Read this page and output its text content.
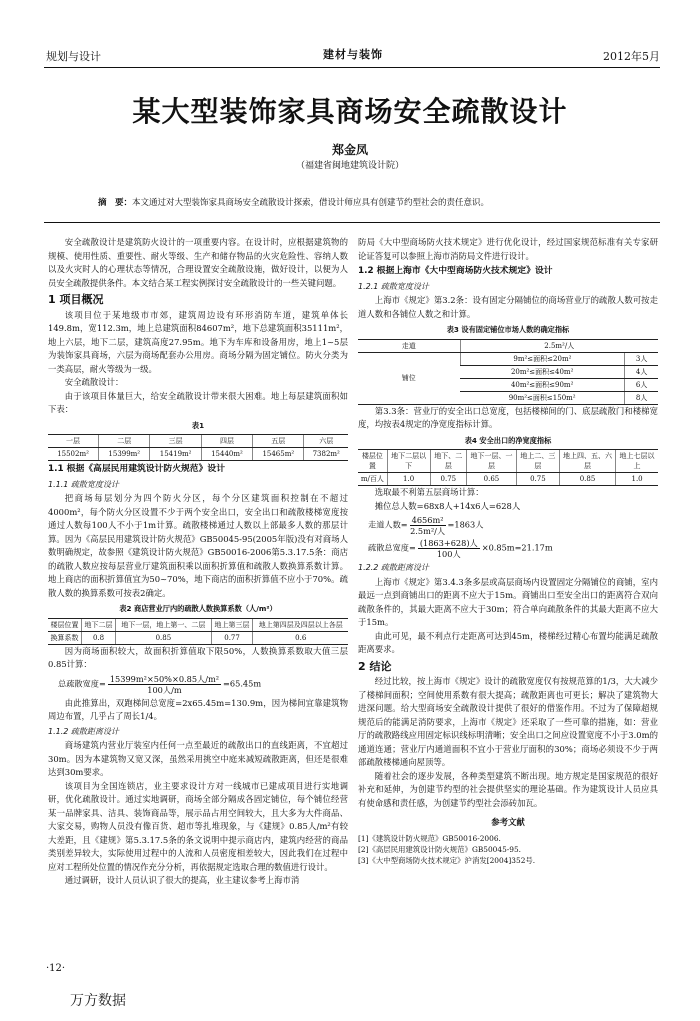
规划与设计	建材与装饰	2012年5月
某大型装饰家具商场安全疏散设计
郑金凤
（福建省闽地建筑设计院）
摘　要：本文通过对大型装饰家具商场安全疏散设计探索，借设计师应具有创建节约型社会的责任意识。

安全疏散设计是建筑防火设计的一项重要内容。在设计时，应根据建筑物的规模、使用性质、重要性、耐火等级、生产和储存物品的火灾危险性、容纳人数以及火灾时人的心理状态等情况，合理设置安全疏散设施，做好设计，以便为人员安全疏散提供条件。本文结合某工程实例探讨安全疏散设计的一些关键问题。

1 项目概况

该项目位于某地级市市郊，建筑周边设有环形消防车道，建筑单体长149.8m，宽112.3m，地上总建筑面积84607m²，地下总建筑面积35111m²，地上六层，地下二层，建筑高度27.95m。地下为车库和设备用房，地上1~5层为装饰家具商场，六层为商场配套办公用房。商场分隔为固定铺位。防火分类为一类高层，耐火等级为一级。

安全疏散设计：

由于该项目体量巨大，给安全疏散设计带来很大困难。地上每层建筑面积如下表：

表1
一层	二层	三层	四层	五层	六层
15502m²	15399m²	15419m²	15440m²	15465m²	7382m²
1.1 根据《高层民用建筑设计防火规范》设计
1.1.1 疏散宽度设计

把商场每层划分为四个防火分区，每个分区建筑面积控制在不超过4000m²，每个防火分区设置不少于两个安全出口，安全出口和疏散楼梯宽度按通过人数每100人不小于1m计算。疏散楼梯通过人数以上部最多人数的那层计算。因为《高层民用建筑设计防火规范》GB50045-95(2005年版)没有对商场人数明确规定，故参照《建筑设计防火规范》GB50016-2006第5.3.17.5条：商店的疏散人数应按每层营业厅建筑面积乘以面积折算值和疏散人数换算系数计算。地上商店的面积折算值宜为50~70%，地下商店的面积折算值不应小于70%。疏散人数的换算系数可按表2确定。

表2 商店营业厅内的疏散人数换算系数（人/m²）
楼层位置	地下二层	地下一层，地上第一、二层	地上第三层	地上第四层及四层以上各层
换算系数	0.8	0.85	0.77	0.6

因为商场面积较大，故面积折算值取下限50%，人数换算系数取大值三层0.85计算：

总疏散宽度= $\frac{\text{15399m²×50\%×0.85人/m²}}{\text{100人/m}} =65.45m$

由此推算出，双跑梯间总宽度=2x65.45m=130.9m，因为梯间宜靠建筑物周边布置，几乎占了周长1/4。

1.1.2 疏散距离设计

商场建筑内营业厅装室内任何一点至最近的疏散出口的直线距离，不宜超过30m。因为本建筑物又宽又深，虽然采用挑空中庭来减短疏散距离，但还是很难达到30m要求。

该项目为全国连锁店，业主要求设计方对一线城市已建成项目进行实地调研，优化疏散设计。通过实地调研，商场全部分隔成各固定铺位，每个铺位经营某一品牌家具、洁具、装饰商品等，展示品占用空间较大，且大多为大件商品、大家交易，购物人员没有像百货、超市等扎堆现象，与《建规》0.85人/m²有较大差距，且《建规》第5.3.17.5条的条文说明中提示商店内，建筑内经营的商品类别差异较大，实际使用过程中的人流和人员密度相差较大，因此我们在过程中应对工程所处位置的情况作充分分析，再依据规定选取合理的数值进行设计。

通过调研，设计人员认识了很大的提高，业主建议参考上海市消

防局《大中型商场防火技术规定》进行优化设计，经过国家规范标准有关专家研论证答复可以参照上海市消防局文件进行设计。

1.2 根据上海市《大中型商场防火技术规定》设计
1.2.1 疏散宽度设计

上海市《规定》第3.2条：设有固定分隔铺位的商场营业厅的疏散人数可按走道人数和各铺位人数之和计算。

表3 设有固定铺位市场人数的确定指标
走道	2.5m²/人	
铺位	9m²≤面积≤20m²	3人
	20m²≤面积≤40m²	4人
	40m²≤面积≤90m²	6人
	90m²≤面积≤150m²	8人

第3.3条：营业厅的安全出口总宽度，包括楼梯间的门、底层疏散门和楼梯宽度，均按表4规定的净宽度指标计算。

表4 安全出口的净宽度指标
楼层位置	地下二层以下	地下、二层	地下一层、一层	地上二、三层	地上四、五、六层	地上七层以上
m/百人	1.0	0.75	0.65	0.75	0.85	1.0

选取最不利第五层商场计算：

摊位总人数=68x8人+14x6人=628人

走道人数= $\frac{\text{4656m²}}{\text{2.5m²/人}} =1863$人
疏散总宽度= $\frac{\text{(1863+628)人}}{\text{100人}} \times 0.85m=21.17m$
1.2.2 疏散距离设计

上海市《规定》第3.4.3条多层或高层商场内设置固定分隔铺位的商铺，室内最远一点到商铺出口的距离不应大于15m。商铺出口至安全出口的距离符合双向疏散条件的，其最大距离不应大于30m；符合单向疏散条件的其最大距离不应大于15m。

由此可见，最不利点行走距离可达到45m，楼梯经过精心布置均能满足疏散距离要求。

2 结论

经过比较，按上海市《规定》设计的疏散宽度仅有按规范算的1/3，大大减少了楼梯间面积；空间使用系数有很大提高；疏散距离也可更长；解决了建筑物大进深问题。给大型商场安全疏散设计提供了很好的借鉴作用。不过为了保障超规规范后的能满足消防要求，上海市《规定》还采取了一些可靠的措施，如：营业厅的疏散路线应用固定标识线标明清晰；安全出口之间应设置宽度不小于3.0m的通道连通；营业厅内通道面积不宜小于营业厅面积的30%；商场必须设不少于两部疏散楼梯通向屋顶等。

随着社会的逐步发展，各种类型建筑不断出现。地方规定是国家规范的很好补充和延伸，为创建节约型的社会提供坚实的理论基础。作为建筑设计人员应具有使命感和责任感，为创建节约型社会添砖加瓦。

参考文献
[1]《建筑设计防火规范》GB50016-2006.
[2]《高层民用建筑设计防火规范》GB50045-95.
[3]《大中型商场防火技术规定》沪消发[2004]352号.
·12·
万方数据
